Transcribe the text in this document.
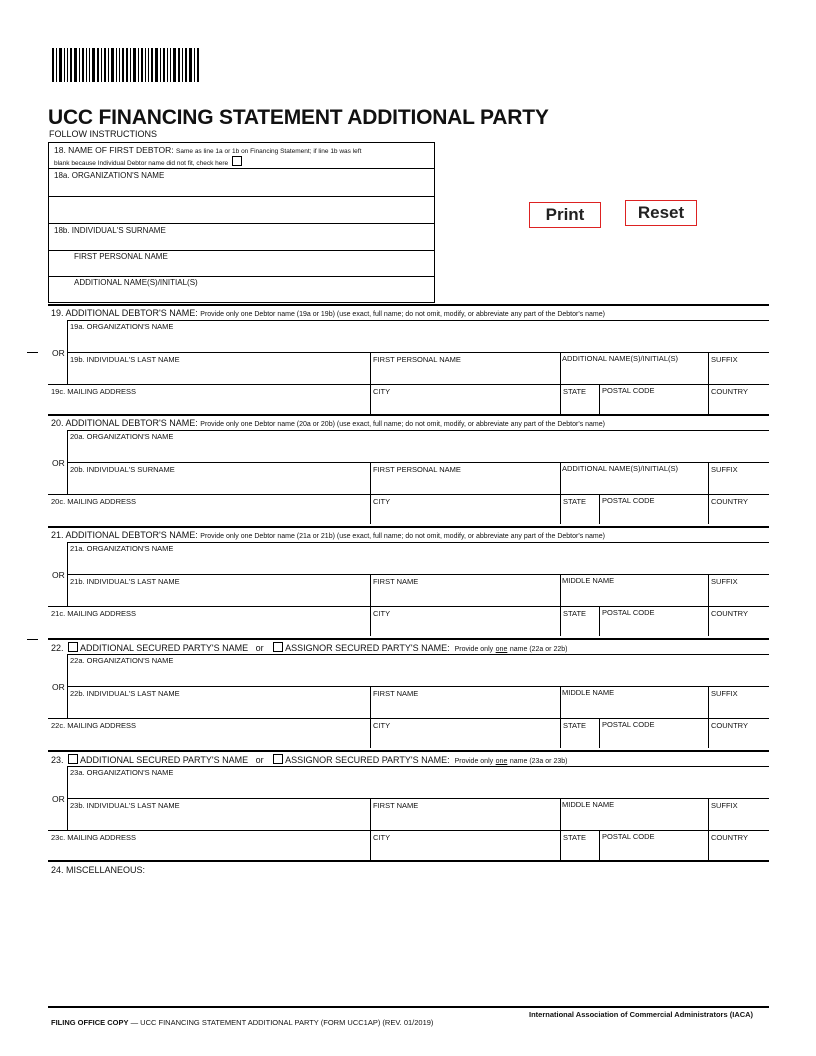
UCC FINANCING STATEMENT ADDITIONAL PARTY
FOLLOW INSTRUCTIONS
18. NAME OF FIRST DEBTOR: Same as line 1a or 1b on Financing Statement; if line 1b was left
blank because Individual Debtor name did not fit, check here
18a. ORGANIZATION'S NAME
18b. INDIVIDUAL'S SURNAME
FIRST PERSONAL NAME
ADDITIONAL NAME(S)/INITIAL(S)
Print	Reset
19. ADDITIONAL DEBTOR'S NAME: Provide only one Debtor name (19a or 19b) (use exact, full name; do not omit, modify, or abbreviate any part of the Debtor's name)
19a. ORGANIZATION'S NAME
OR
19b. INDIVIDUAL'S LAST NAME	FIRST PERSONAL NAME	ADDITIONAL NAME(S)/INITIAL(S)	SUFFIX
19c. MAILING ADDRESS	CITY	STATE POSTAL CODE	COUNTRY
20. ADDITIONAL DEBTOR'S NAME: Provide only one Debtor name (20a or 20b) (use exact, full name; do not omit, modify, or abbreviate any part of the Debtor's name)
20a. ORGANIZATION'S NAME
OR
20b. INDIVIDUAL'S SURNAME	FIRST PERSONAL NAME	ADDITIONAL NAME(S)/INITIAL(S)	SUFFIX
20c. MAILING ADDRESS	CITY	STATE POSTAL CODE	COUNTRY
21. ADDITIONAL DEBTOR'S NAME: Provide only one Debtor name (21a or 21b) (use exact, full name; do not omit, modify, or abbreviate any part of the Debtor's name)
21a. ORGANIZATION'S NAME
OR
21b. INDIVIDUAL'S LAST NAME	FIRST NAME	MIDDLE NAME	SUFFIX
21c. MAILING ADDRESS	CITY	STATE POSTAL CODE	COUNTRY
22. ADDITIONAL SECURED PARTY'S NAME or ASSIGNOR SECURED PARTY'S NAME: Provide only one name (22a or 22b)
22a. ORGANIZATION'S NAME
OR
22b. INDIVIDUAL'S LAST NAME	FIRST NAME	MIDDLE NAME	SUFFIX
22c. MAILING ADDRESS	CITY	STATE POSTAL CODE	COUNTRY
23. ADDITIONAL SECURED PARTY'S NAME or ASSIGNOR SECURED PARTY'S NAME: Provide only one name (23a or 23b)
23a. ORGANIZATION'S NAME
OR
23b. INDIVIDUAL'S LAST NAME	FIRST NAME	MIDDLE NAME	SUFFIX
23c. MAILING ADDRESS	CITY	STATE POSTAL CODE	COUNTRY
24. MISCELLANEOUS:
International Association of Commercial Administrators (IACA)
FILING OFFICE COPY — UCC FINANCING STATEMENT ADDITIONAL PARTY (FORM UCC1AP) (REV. 01/2019)
